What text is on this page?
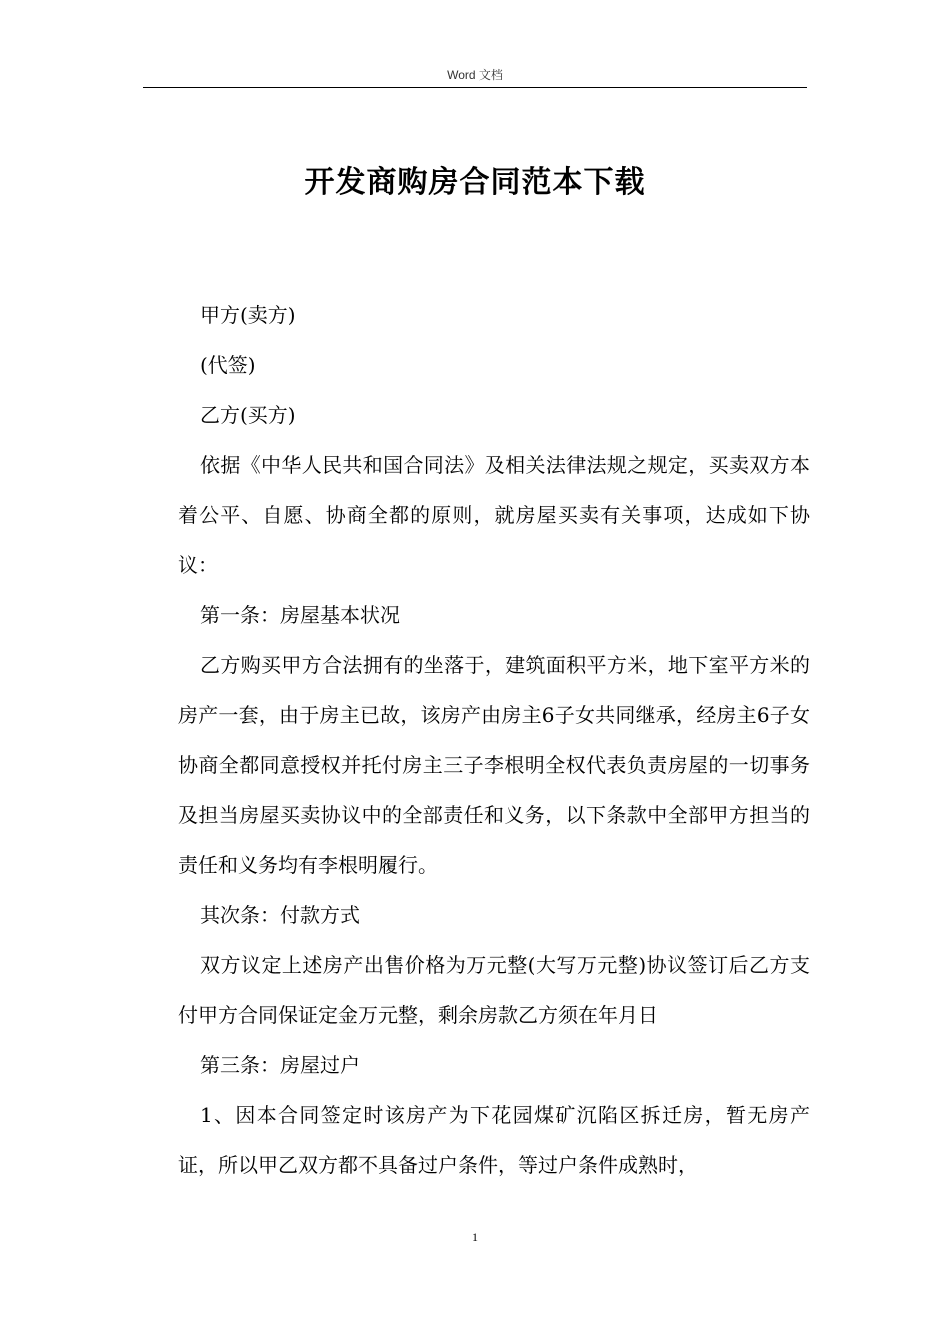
Word 文档
开发商购房合同范本下载

甲方(卖方)

(代签)

乙方(买方)

依据《中华人民共和国合同法》及相关法律法规之规定，买卖双方本着公平、自愿、协商全都的原则，就房屋买卖有关事项，达成如下协议：

第一条：房屋基本状况

乙方购买甲方合法拥有的坐落于，建筑面积平方米，地下室平方米的房产一套，由于房主已故，该房产由房主6子女共同继承，经房主6子女协商全都同意授权并托付房主三子李根明全权代表负责房屋的一切事务及担当房屋买卖协议中的全部责任和义务，以下条款中全部甲方担当的责任和义务均有李根明履行。

其次条：付款方式

双方议定上述房产出售价格为万元整(大写万元整)协议签订后乙方支付甲方合同保证定金万元整，剩余房款乙方须在年月日

第三条：房屋过户

1、因本合同签定时该房产为下花园煤矿沉陷区拆迁房，暂无房产证，所以甲乙双方都不具备过户条件，等过户条件成熟时，

1
